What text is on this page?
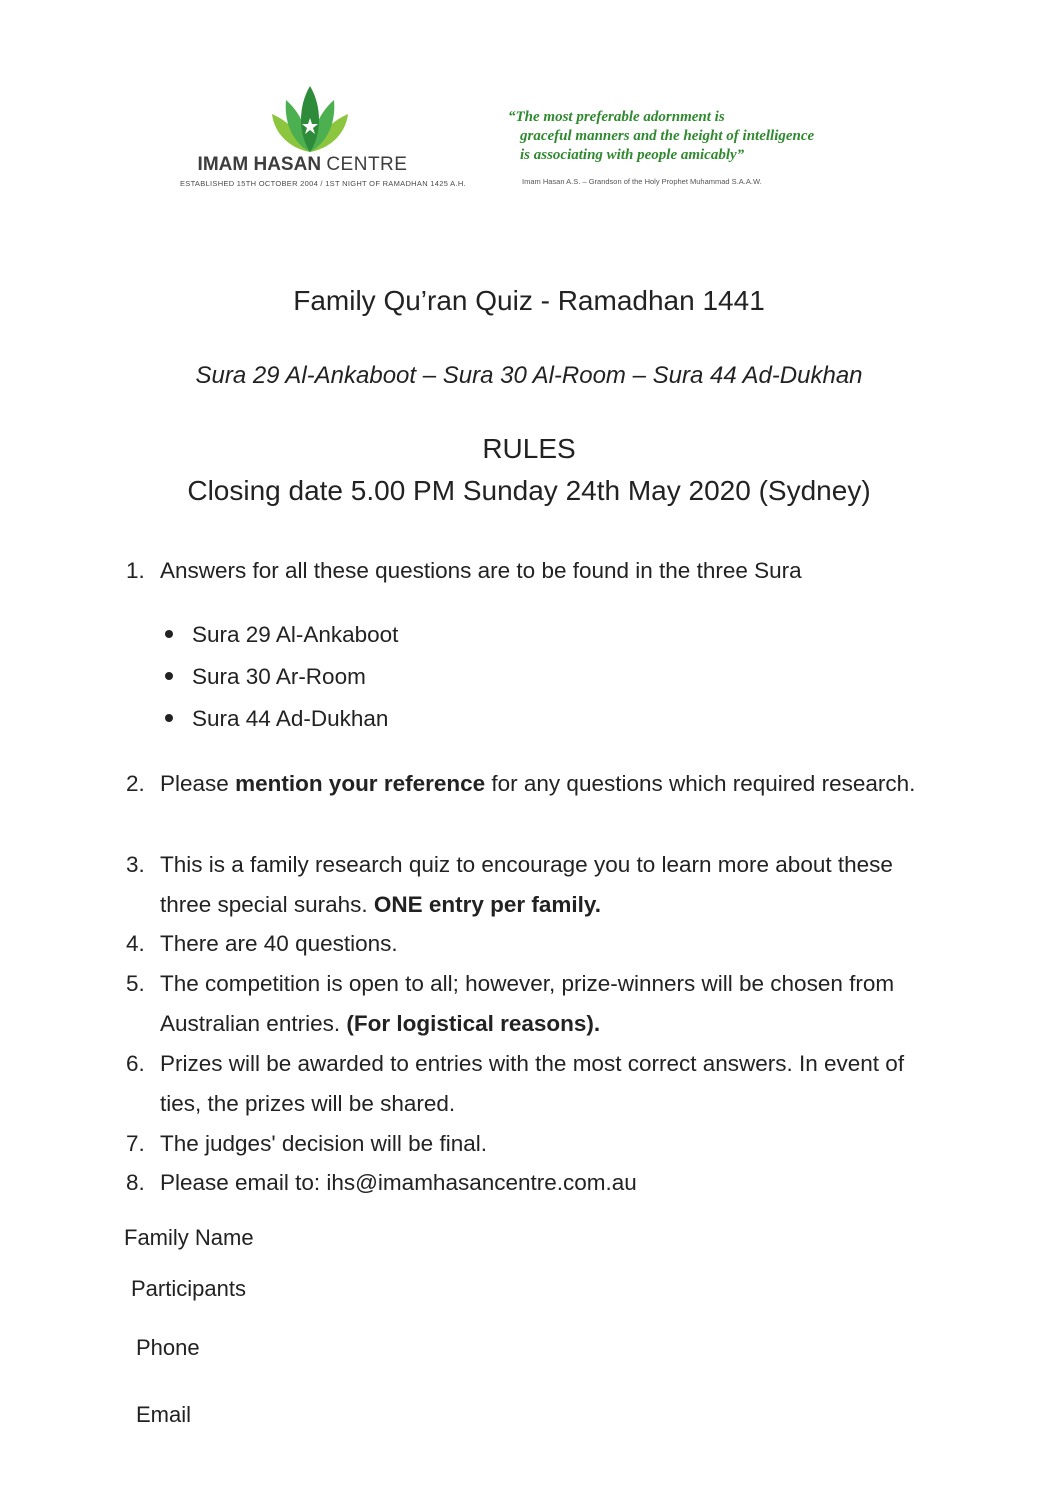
IMAM HASAN CENTRE
ESTABLISHED 15TH OCTOBER 2004 / 1ST NIGHT OF RAMADHAN 1425 A.H.
“The most preferable adornment is
graceful manners and the height of intelligence
is associating with people amicably”
Imam Hasan A.S. – Grandson of the Holy Prophet Muhammad S.A.A.W.
Family Qu’ran Quiz - Ramadhan 1441
Sura 29 Al-Ankaboot – Sura 30 Al-Room – Sura 44 Ad-Dukhan
RULES
Closing date 5.00 PM Sunday 24th May 2020 (Sydney)
1. Answers for all these questions are to be found in the three Sura
Sura 29 Al-Ankaboot
Sura 30 Ar-Room
Sura 44 Ad-Dukhan
2. Please mention your reference for any questions which required research.
3. This is a family research quiz to encourage you to learn more about these three special surahs. ONE entry per family.
4. There are 40 questions.
5. The competition is open to all; however, prize-winners will be chosen from Australian entries. (For logistical reasons).
6. Prizes will be awarded to entries with the most correct answers. In event of ties, the prizes will be shared.
7. The judges' decision will be final.
8. Please email to: ihs@imamhasancentre.com.au
Family Name
Participants
Phone
Email
